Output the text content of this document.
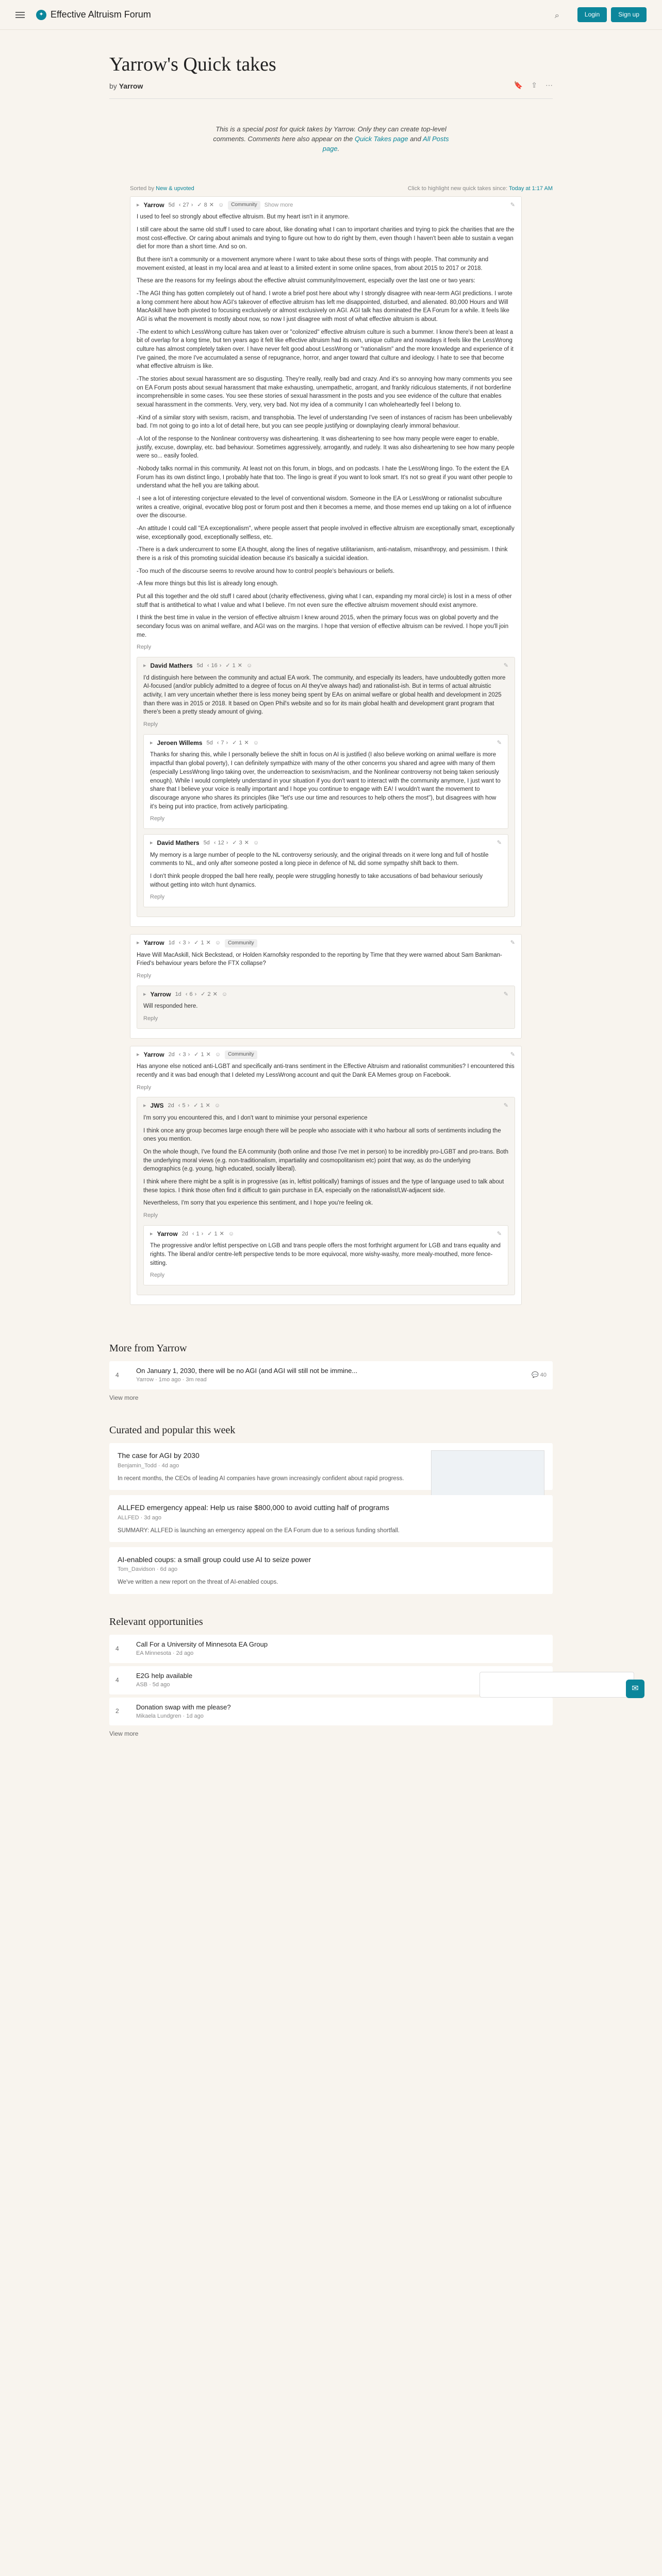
✦ Effective Altruism Forum	⌕	Login	Sign up
Yarrow's Quick takes
by Yarrow	🔖 ⇪ ⋯

This is a special post for quick takes by Yarrow. Only they can create top-level comments. Comments here also appear on the Quick Takes page and All Posts page.

Sorted by New & upvoted	Click to highlight new quick takes since: Today at 1:17 AM
▸ Yarrow 5d ‹ 27 › ✓ 8 ✕ ☺	Community	Show more	✎

I used to feel so strongly about effective altruism. But my heart isn't in it anymore.

I still care about the same old stuff I used to care about, like donating what I can to important charities and trying to pick the charities that are the most cost-effective. Or caring about animals and trying to figure out how to do right by them, even though I haven't been able to sustain a vegan diet for more than a short time. And so on.

But there isn't a community or a movement anymore where I want to take about these sorts of things with people. That community and movement existed, at least in my local area and at least to a limited extent in some online spaces, from about 2015 to 2017 or 2018.

These are the reasons for my feelings about the effective altruist community/movement, especially over the last one or two years:

-The AGI thing has gotten completely out of hand. I wrote a brief post here about why I strongly disagree with near-term AGI predictions. I wrote a long comment here about how AGI's takeover of effective altruism has left me disappointed, disturbed, and alienated. 80,000 Hours and Will MacAskill have both pivoted to focusing exclusively or almost exclusively on AGI. AGI talk has dominated the EA Forum for a while. It feels like AGI is what the movement is mostly about now, so now I just disagree with most of what effective altruism is about.

-The extent to which LessWrong culture has taken over or "colonized" effective altruism culture is such a bummer. I know there's been at least a bit of overlap for a long time, but ten years ago it felt like effective altruism had its own, unique culture and nowadays it feels like the LessWrong culture has almost completely taken over. I have never felt good about LessWrong or "rationalism" and the more knowledge and experience of it I've gained, the more I've accumulated a sense of repugnance, horror, and anger toward that culture and ideology. I hate to see that become what effective altruism is like.

-The stories about sexual harassment are so disgusting. They're really, really bad and crazy. And it's so annoying how many comments you see on EA Forum posts about sexual harassment that make exhausting, unempathetic, arrogant, and frankly ridiculous statements, if not borderline incomprehensible in some cases. You see these stories of sexual harassment in the posts and you see evidence of the culture that enables sexual harassment in the comments. Very, very, very bad. Not my idea of a community I can wholeheartedly feel I belong to.

-Kind of a similar story with sexism, racism, and transphobia. The level of understanding I've seen of instances of racism has been unbelievably bad. I'm not going to go into a lot of detail here, but you can see people justifying or downplaying clearly immoral behaviour.

-A lot of the response to the Nonlinear controversy was disheartening. It was disheartening to see how many people were eager to enable, justify, excuse, downplay, etc. bad behaviour. Sometimes aggressively, arrogantly, and rudely. It was also disheartening to see how many people were so... easily fooled.

-Nobody talks normal in this community. At least not on this forum, in blogs, and on podcasts. I hate the LessWrong lingo. To the extent the EA Forum has its own distinct lingo, I probably hate that too. The lingo is great if you want to look smart. It's not so great if you want other people to understand what the hell you are talking about.

-I see a lot of interesting conjecture elevated to the level of conventional wisdom. Someone in the EA or LessWrong or rationalist subculture writes a creative, original, evocative blog post or forum post and then it becomes a meme, and those memes end up taking on a lot of influence over the discourse.

-An attitude I could call "EA exceptionalism", where people assert that people involved in effective altruism are exceptionally smart, exceptionally wise, exceptionally good, exceptionally selfless, etc.

-There is a dark undercurrent to some EA thought, along the lines of negative utilitarianism, anti-natalism, misanthropy, and pessimism. I think there is a risk of this promoting suicidal ideation because it's basically a suicidal ideation.

-Too much of the discourse seems to revolve around how to control people's behaviours or beliefs.

-A few more things but this list is already long enough.

Put all this together and the old stuff I cared about (charity effectiveness, giving what I can, expanding my moral circle) is lost in a mess of other stuff that is antithetical to what I value and what I believe. I'm not even sure the effective altruism movement should exist anymore.

I think the best time in value in the version of effective altruism I knew around 2015, when the primary focus was on global poverty and the secondary focus was on animal welfare, and AGI was on the margins. I hope that version of effective altruism can be revived. I hope you'll join me.

Reply
▸ David Mathers 5d ‹ 16 › ✓ 1 ✕ ☺	✎

I'd distinguish here between the community and actual EA work. The community, and especially its leaders, have undoubtedly gotten more AI-focused (and/or publicly admitted to a degree of focus on AI they've always had) and rationalist-ish. But in terms of actual altruistic activity, I am very uncertain whether there is less money being spent by EAs on animal welfare or global health and development in 2025 than there was in 2015 or 2018. It based on Open Phil's website and so for its main global health and development grant program that there's been a pretty steady amount of giving.

Reply
▸ Jeroen Willems 5d ‹ 7 › ✓ 1 ✕ ☺	✎

Thanks for sharing this, while I personally believe the shift in focus on AI is justified (I also believe working on animal welfare is more impactful than global poverty), I can definitely sympathize with many of the other concerns you shared and agree with many of them (especially LessWrong lingo taking over, the underreaction to sexism/racism, and the Nonlinear controversy not being taken seriously enough). While I would completely understand in your situation if you don't want to interact with the community anymore, I just want to share that I believe your voice is really important and I hope you continue to engage with EA! I wouldn't want the movement to discourage anyone who shares its principles (like "let's use our time and resources to help others the most"), but disagrees with how it's being put into practice, from actively participating.

Reply
▸ David Mathers 5d ‹ 12 › ✓ 3 ✕ ☺	✎

My memory is a large number of people to the NL controversy seriously, and the original threads on it were long and full of hostile comments to NL, and only after someone posted a long piece in defence of NL did some sympathy shift back to them.

I don't think people dropped the ball here really, people were struggling honestly to take accusations of bad behaviour seriously without getting into witch hunt dynamics.

Reply
▸ Yarrow 1d ‹ 3 › ✓ 1 ✕ ☺	Community	✎

Have Will MacAskill, Nick Beckstead, or Holden Karnofsky responded to the reporting by Time that they were warned about Sam Bankman-Fried's behaviour years before the FTX collapse?

Reply
▸ Yarrow 1d ‹ 6 › ✓ 2 ✕ ☺	✎

Will responded here.

Reply
▸ Yarrow 2d ‹ 3 › ✓ 1 ✕ ☺	Community	✎

Has anyone else noticed anti-LGBT and specifically anti-trans sentiment in the Effective Altruism and rationalist communities? I encountered this recently and it was bad enough that I deleted my LessWrong account and quit the Dank EA Memes group on Facebook.

Reply
▸ JWS 2d ‹ 5 › ✓ 1 ✕ ☺	✎

I'm sorry you encountered this, and I don't want to minimise your personal experience

I think once any group becomes large enough there will be people who associate with it who harbour all sorts of sentiments including the ones you mention.

On the whole though, I've found the EA community (both online and those I've met in person) to be incredibly pro-LGBT and pro-trans. Both the underlying moral views (e.g. non-traditionalism, impartiality and cosmopolitanism etc) point that way, as do the underlying demographics (e.g. young, high educated, socially liberal).

I think where there might be a split is in progressive (as in, leftist politically) framings of issues and the type of language used to talk about these topics. I think those often find it difficult to gain purchase in EA, especially on the rationalist/LW-adjacent side.

Nevertheless, I'm sorry that you experience this sentiment, and I hope you're feeling ok.

Reply
▸ Yarrow 2d ‹ 1 › ✓ 1 ✕ ☺	✎

The progressive and/or leftist perspective on LGB and trans people offers the most forthright argument for LGB and trans equality and rights. The liberal and/or centre-left perspective tends to be more equivocal, more wishy-washy, more mealy-mouthed, more fence-sitting.

Reply
More from Yarrow
4
On January 1, 2030, there will be no AGI (and AGI will still not be immine...
Yarrow · 1mo ago · 3m read
💬 40
View more
Curated and popular this week
The case for AGI by 2030
Benjamin_Todd · 4d ago
In recent months, the CEOs of leading AI companies have grown increasingly confident about rapid progress.
ALLFED emergency appeal: Help us raise $800,000 to avoid cutting half of programs
ALLFED · 3d ago
SUMMARY: ALLFED is launching an emergency appeal on the EA Forum due to a serious funding shortfall.
AI-enabled coups: a small group could use AI to seize power
Tom_Davidson · 6d ago
We've written a new report on the threat of AI-enabled coups.
Relevant opportunities
4
Call For a University of Minnesota EA Group
EA Minnesota · 2d ago
4
E2G help available
ASB · 5d ago
2
Donation swap with me please?
Mikaela Lundgren · 1d ago
View more
✉
